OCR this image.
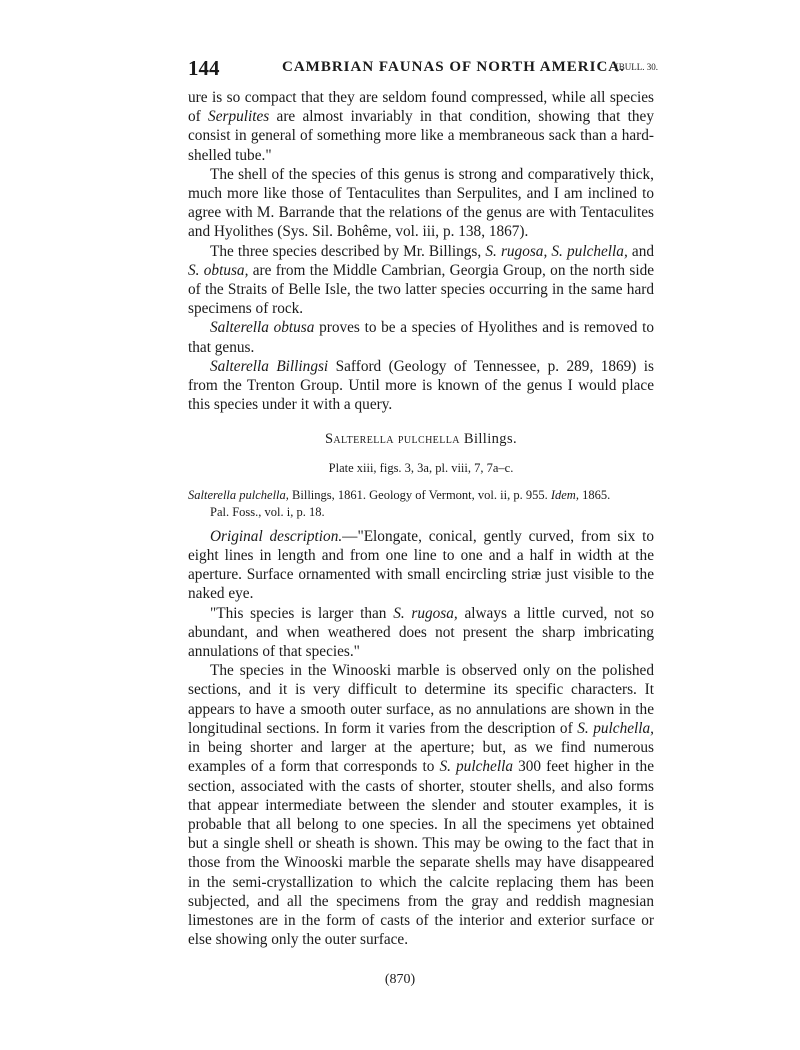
144	CAMBRIAN FAUNAS OF NORTH AMERICA.
[BULL. 30.

ure is so compact that they are seldom found compressed, while all species of Serpulites are almost invariably in that condition, showing that they consist in general of something more like a membraneous sack than a hard-shelled tube."

The shell of the species of this genus is strong and comparatively thick, much more like those of Tentaculites than Serpulites, and I am inclined to agree with M. Barrande that the relations of the genus are with Tentaculites and Hyolithes (Sys. Sil. Bohême, vol. iii, p. 138, 1867).

The three species described by Mr. Billings, S. rugosa, S. pulchella, and S. obtusa, are from the Middle Cambrian, Georgia Group, on the north side of the Straits of Belle Isle, the two latter species occurring in the same hard specimens of rock.

Salterella obtusa proves to be a species of Hyolithes and is removed to that genus.

Salterella Billingsi Safford (Geology of Tennessee, p. 289, 1869) is from the Trenton Group. Until more is known of the genus I would place this species under it with a query.

Salterella pulchella Billings.

Plate xiii, figs. 3, 3a, pl. viii, 7, 7a–c.

Salterella pulchella, Billings, 1861. Geology of Vermont, vol. ii, p. 955. Idem, 1865.
Pal. Foss., vol. i, p. 18.

Original description.—"Elongate, conical, gently curved, from six to eight lines in length and from one line to one and a half in width at the aperture. Surface ornamented with small encircling striæ just visible to the naked eye.

"This species is larger than S. rugosa, always a little curved, not so abundant, and when weathered does not present the sharp imbricating annulations of that species."

The species in the Winooski marble is observed only on the polished sections, and it is very difficult to determine its specific characters. It appears to have a smooth outer surface, as no annulations are shown in the longitudinal sections. In form it varies from the description of S. pulchella, in being shorter and larger at the aperture; but, as we find numerous examples of a form that corresponds to S. pulchella 300 feet higher in the section, associated with the casts of shorter, stouter shells, and also forms that appear intermediate between the slender and stouter examples, it is probable that all belong to one species. In all the specimens yet obtained but a single shell or sheath is shown. This may be owing to the fact that in those from the Winooski marble the separate shells may have disappeared in the semi-crystallization to which the calcite replacing them has been subjected, and all the specimens from the gray and reddish magnesian limestones are in the form of casts of the interior and exterior surface or else showing only the outer surface.

(870)
